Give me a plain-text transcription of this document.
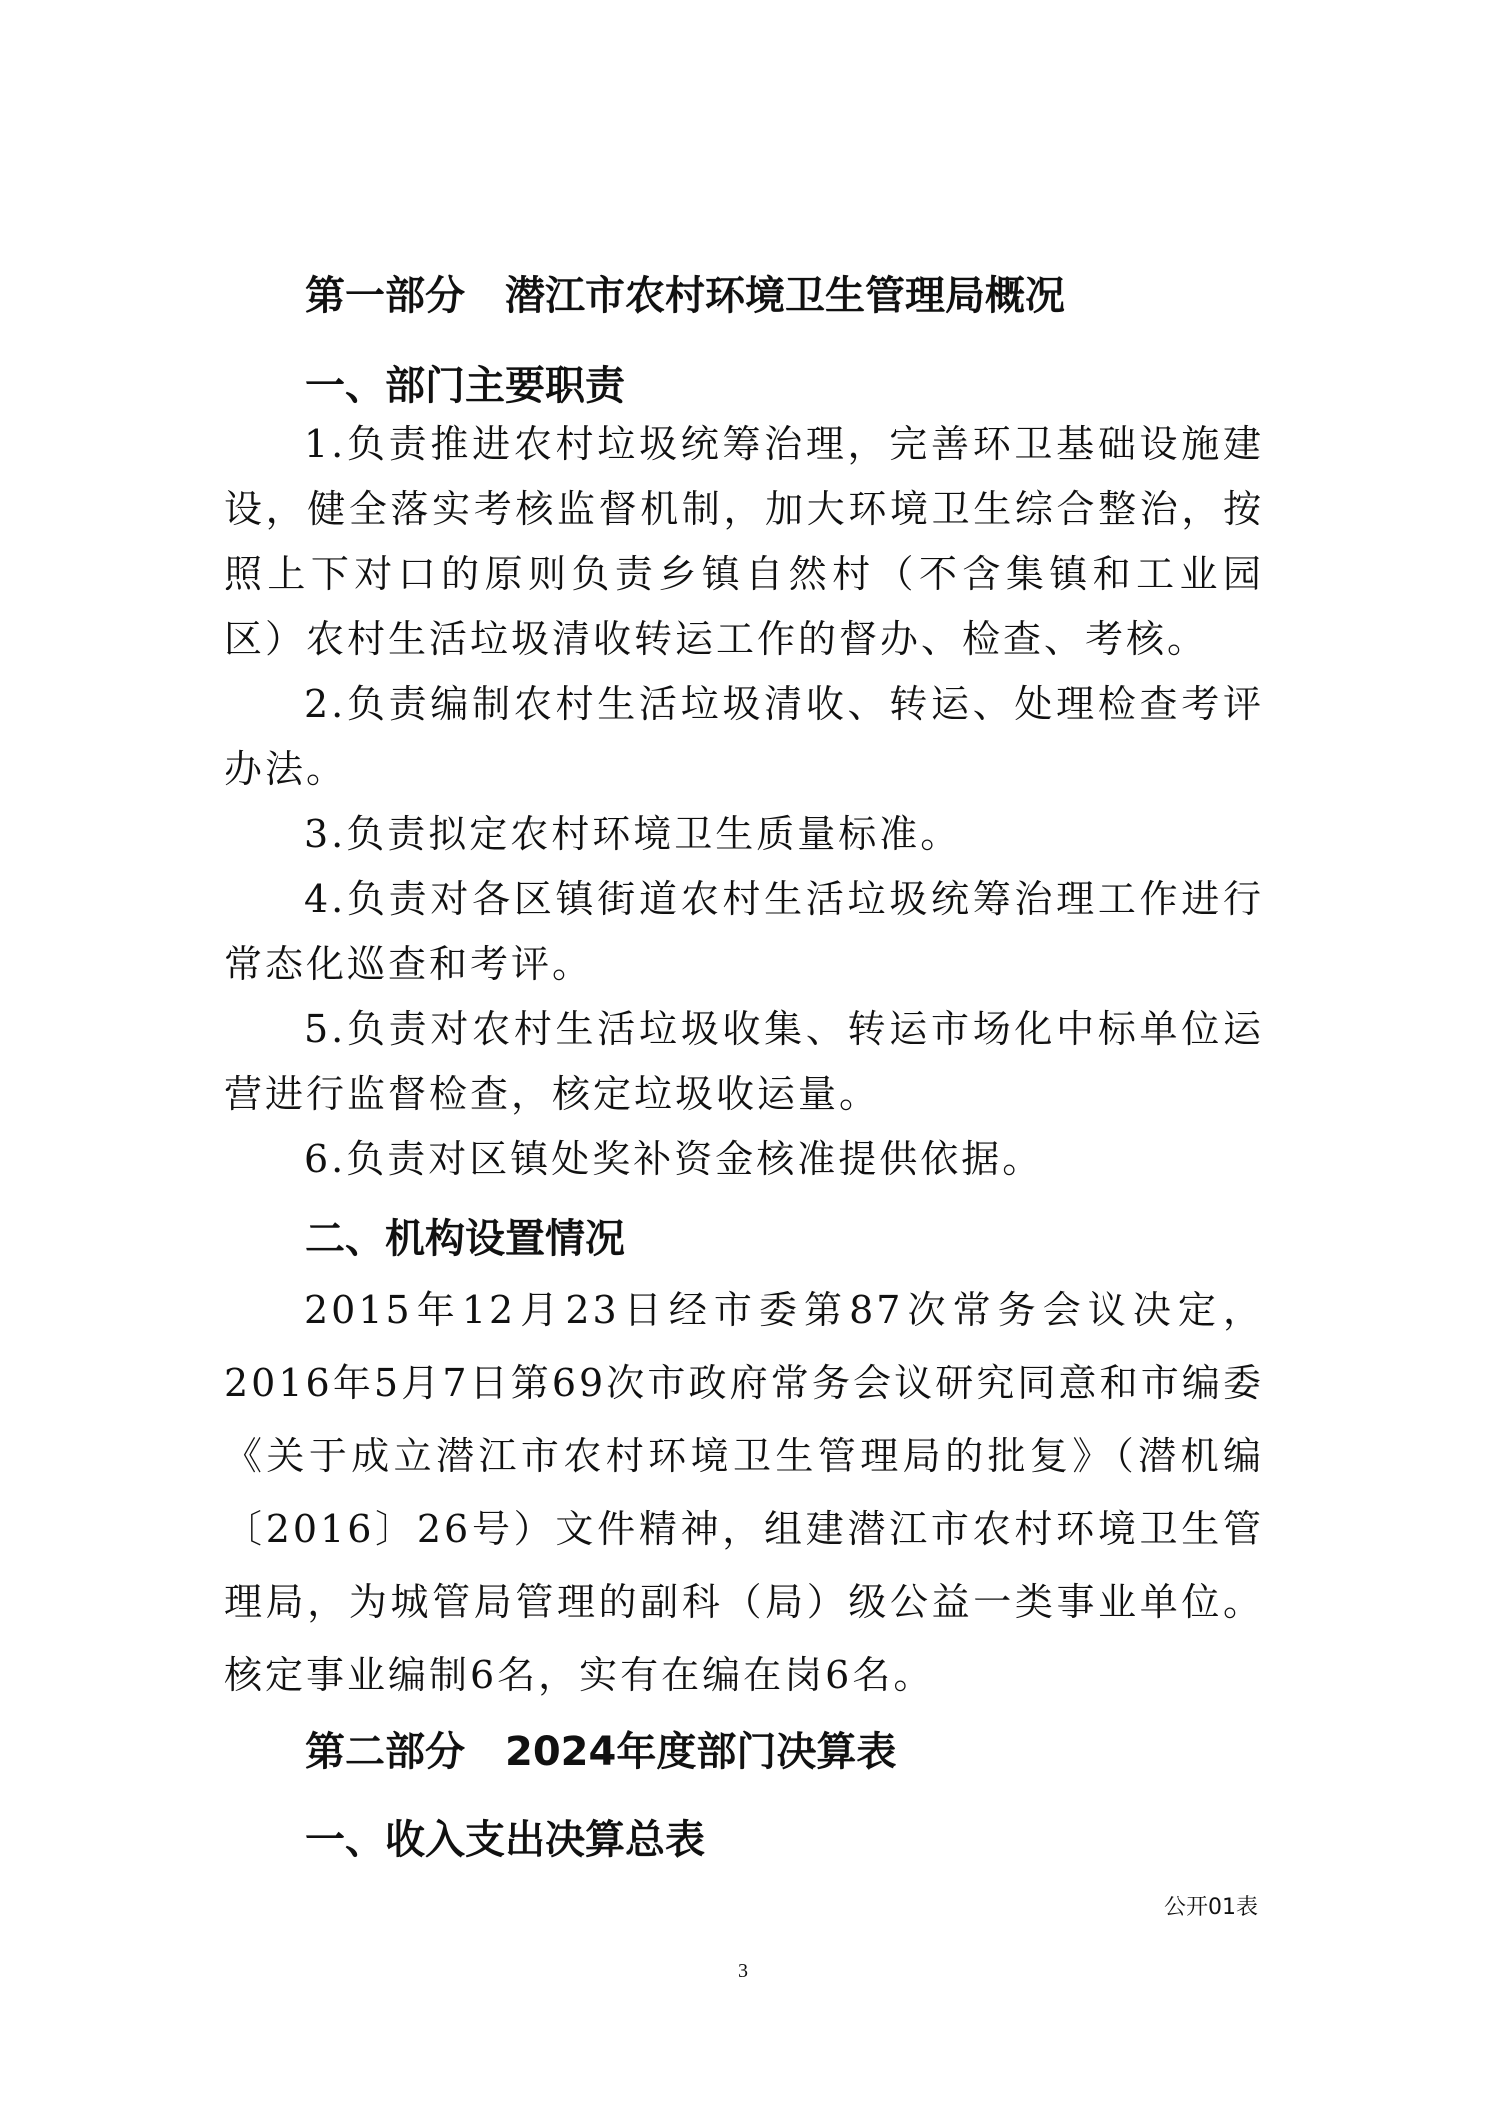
第一部分　潜江市农村环境卫生管理局概况
一、部门主要职责

1.负责推进农村垃圾统筹治理，完善环卫基础设施建设，健全落实考核监督机制，加大环境卫生综合整治，按照上下对口的原则负责乡镇自然村（不含集镇和工业园区）农村生活垃圾清收转运工作的督办、检查、考核。

2.负责编制农村生活垃圾清收、转运、处理检查考评办法。

3.负责拟定农村环境卫生质量标准。

4.负责对各区镇街道农村生活垃圾统筹治理工作进行常态化巡查和考评。

5.负责对农村生活垃圾收集、转运市场化中标单位运营进行监督检查，核定垃圾收运量。

6.负责对区镇处奖补资金核准提供依据。

二、机构设置情况

2015年12月23日经市委第87次常务会议决定，2016年5月7日第69次市政府常务会议研究同意和市编委《关于成立潜江市农村环境卫生管理局的批复》（潜机编〔2016〕26号）文件精神，组建潜江市农村环境卫生管理局，为城管局管理的副科（局）级公益一类事业单位。核定事业编制6名，实有在编在岗6名。

第二部分　2024年度部门决算表
一、收入支出决算总表
公开01表
3
